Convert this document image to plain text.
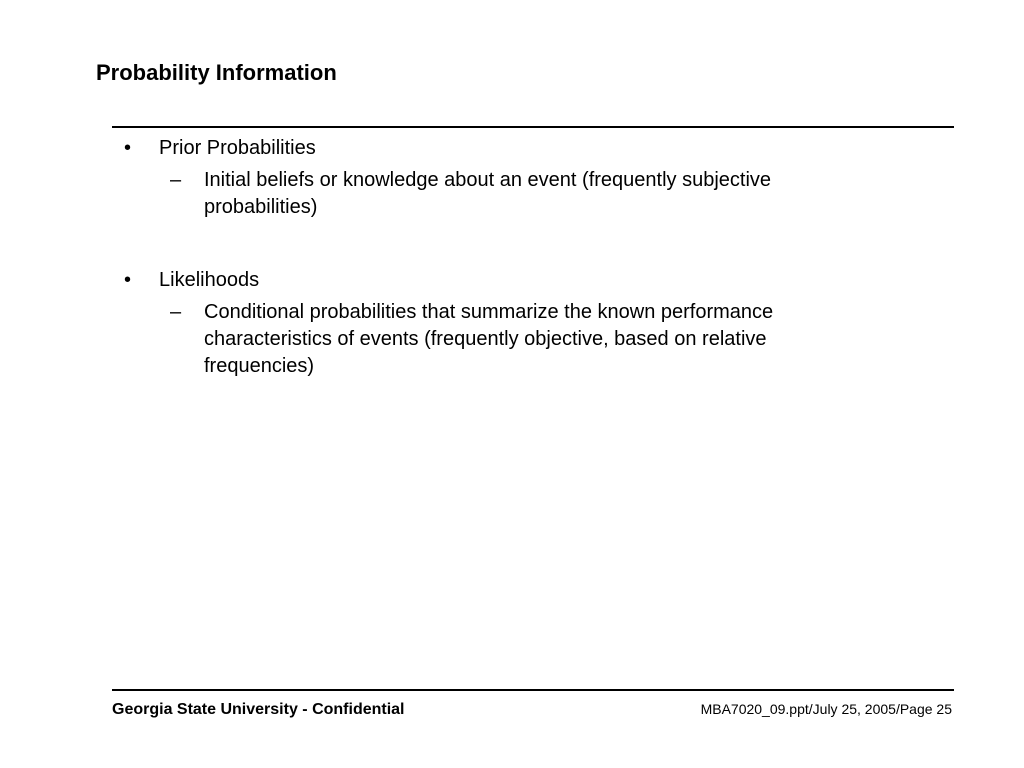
Probability Information
• Prior Probabilities
– Initial beliefs or knowledge about an event (frequently subjective probabilities)
• Likelihoods
– Conditional probabilities that summarize the known performance characteristics of events (frequently objective, based on relative frequencies)
Georgia State University - Confidential	MBA7020_09.ppt/July 25, 2005/Page 25
